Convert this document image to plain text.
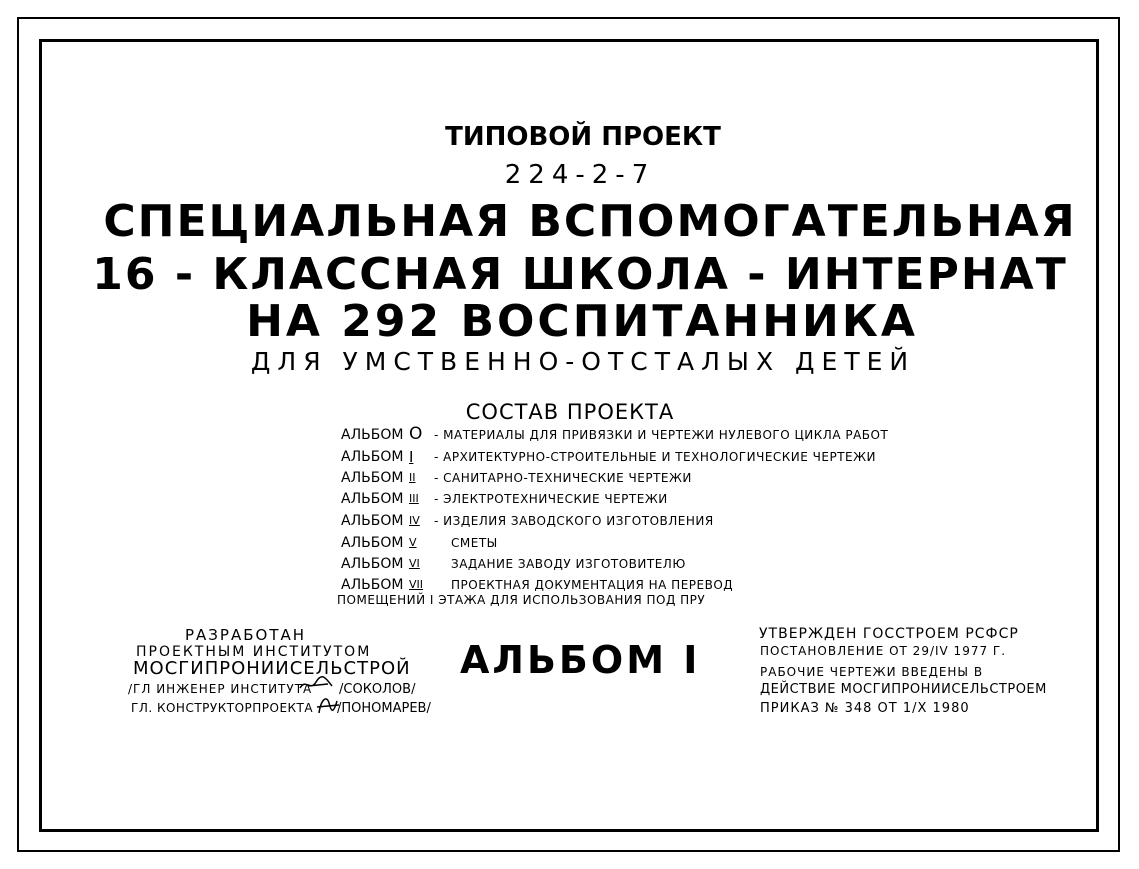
ТИПОВОЙ ПРОЕКТ
224-2-7
СПЕЦИАЛЬНАЯ ВСПОМОГАТЕЛЬНАЯ
16 - КЛАССНАЯ ШКОЛА - ИНТЕРНАТ
НА 292 ВОСПИТАННИКА
ДЛЯ УМСТВЕННО-ОТСТАЛЫХ ДЕТЕЙ
СОСТАВ ПРОЕКТА
АЛЬБОМ О - МАТЕРИАЛЫ ДЛЯ ПРИВЯЗКИ И ЧЕРТЕЖИ НУЛЕВОГО ЦИКЛА РАБОТ
АЛЬБОМ I - АРХИТЕКТУРНО-СТРОИТЕЛЬНЫЕ И ТЕХНОЛОГИЧЕСКИЕ ЧЕРТЕЖИ
АЛЬБОМ II - САНИТАРНО-ТЕХНИЧЕСКИЕ ЧЕРТЕЖИ
АЛЬБОМ III - ЭЛЕКТРОТЕХНИЧЕСКИЕ ЧЕРТЕЖИ
АЛЬБОМ IV - ИЗДЕЛИЯ ЗАВОДСКОГО ИЗГОТОВЛЕНИЯ
АЛЬБОМ V	СМЕТЫ
АЛЬБОМ VI	ЗАДАНИЕ ЗАВОДУ ИЗГОТОВИТЕЛЮ
АЛЬБОМ VII ПРОЕКТНАЯ ДОКУМЕНТАЦИЯ НА ПЕРЕВОД
ПОМЕЩЕНИЙ I ЭТАЖА ДЛЯ ИСПОЛЬЗОВАНИЯ ПОД ПРУ
РАЗРАБОТАН
ПРОЕКТНЫМ ИНСТИТУТОМ
МОСГИПРОНИИСЕЛЬСТРОЙ
/ГЛ ИНЖЕНЕР ИНСТИТУТА /СОКОЛОВ/
ГЛ. КОНСТРУКТОРПРОЕКТА /ПОНОМАРЕВ/
АЛЬБОМ I
УТВЕРЖДЕН ГОССТРОЕМ РСФСР
ПОСТАНОВЛЕНИЕ ОТ 29/IV 1977 Г.
РАБОЧИЕ ЧЕРТЕЖИ ВВЕДЕНЫ В
ДЕЙСТВИЕ МОСГИПРОНИИСЕЛЬСТРОЕМ
ПРИКАЗ № 348 ОТ 1/X 1980
